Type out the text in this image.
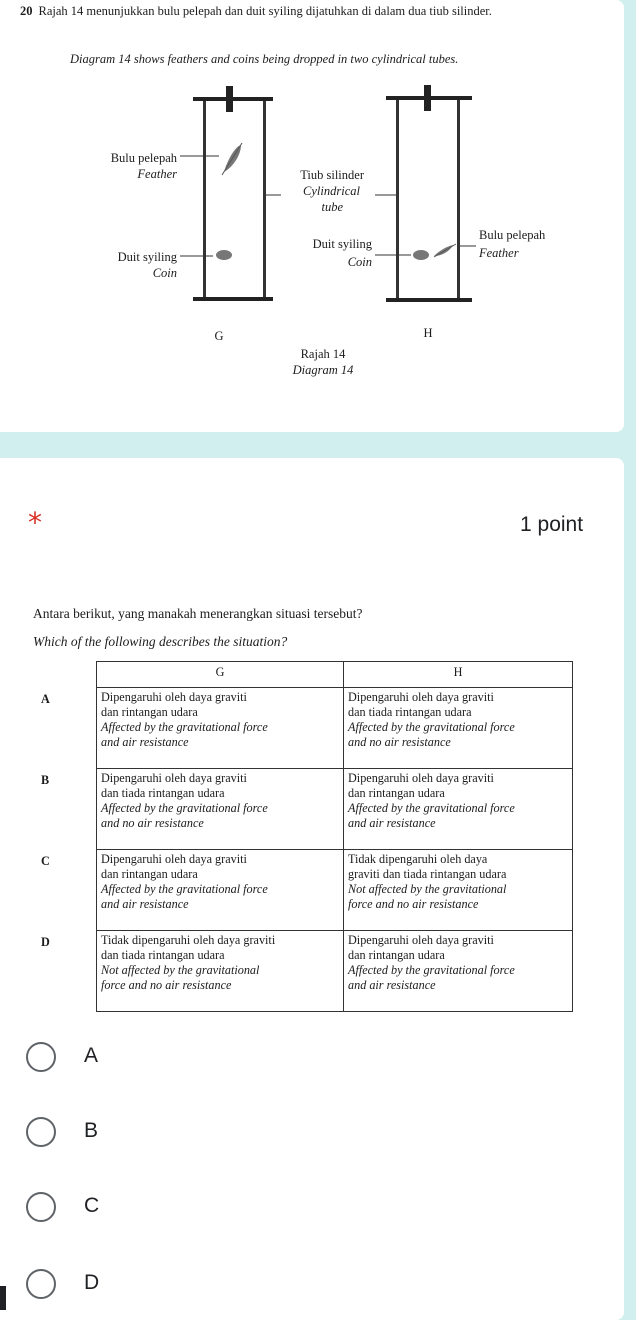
20 Rajah 14 menunjukkan bulu pelepah dan duit syiling dijatuhkan di dalam dua tiub silinder.
Diagram 14 shows feathers and coins being dropped in two cylindrical tubes.
Bulu pelepah
Feather
Duit syiling
Coin
Tiub silinder
Cylindrical
tube
Duit syiling
Coin
Bulu pelepah
Feather
G	H
Rajah 14
Diagram 14
*	1 point
Antara berikut, yang manakah menerangkan situasi tersebut?
Which of the following describes the situation?
	G	H
A	Dipengaruhi oleh daya graviti
dan rintangan udara
Affected by the gravitational force
and air resistance	Dipengaruhi oleh daya graviti
dan tiada rintangan udara
Affected by the gravitational force
and no air resistance

B	Dipengaruhi oleh daya graviti
dan tiada rintangan udara
Affected by the gravitational force
and no air resistance	Dipengaruhi oleh daya graviti
dan rintangan udara
Affected by the gravitational force
and air resistance

C	Dipengaruhi oleh daya graviti
dan rintangan udara
Affected by the gravitational force
and air resistance	Tidak dipengaruhi oleh daya
graviti dan tiada rintangan udara
Not affected by the gravitational
force and no air resistance

D	Tidak dipengaruhi oleh daya graviti
dan tiada rintangan udara
Not affected by the gravitational
force and no air resistance	Dipengaruhi oleh daya graviti
dan rintangan udara
Affected by the gravitational force
and air resistance
A
B
C
D
